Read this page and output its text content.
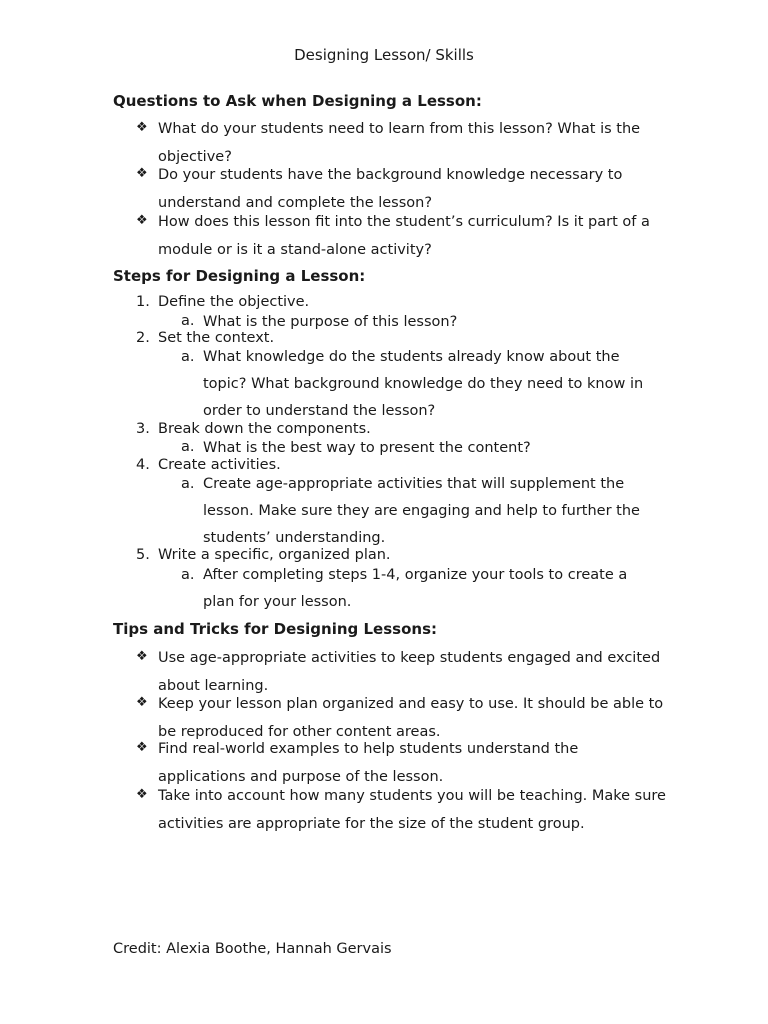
Designing Lesson/ Skills
Questions to Ask when Designing a Lesson:
❖ What do your students need to learn from this lesson? What is the objective?
❖ Do your students have the background knowledge necessary to understand and complete the lesson?
❖ How does this lesson fit into the student’s curriculum? Is it part of a module or is it a stand-alone activity?
Steps for Designing a Lesson:
1. Define the objective.
a. What is the purpose of this lesson?
2. Set the context.
a. What knowledge do the students already know about the topic? What background knowledge do they need to know in order to understand the lesson?
3. Break down the components.
a. What is the best way to present the content?
4. Create activities.
a. Create age-appropriate activities that will supplement the lesson. Make sure they are engaging and help to further the students’ understanding.
5. Write a specific, organized plan.
a. After completing steps 1-4, organize your tools to create a plan for your lesson.
Tips and Tricks for Designing Lessons:
❖ Use age-appropriate activities to keep students engaged and excited about learning.
❖ Keep your lesson plan organized and easy to use. It should be able to be reproduced for other content areas.
❖ Find real-world examples to help students understand the applications and purpose of the lesson.
❖ Take into account how many students you will be teaching. Make sure activities are appropriate for the size of the student group.
Credit: Alexia Boothe, Hannah Gervais
